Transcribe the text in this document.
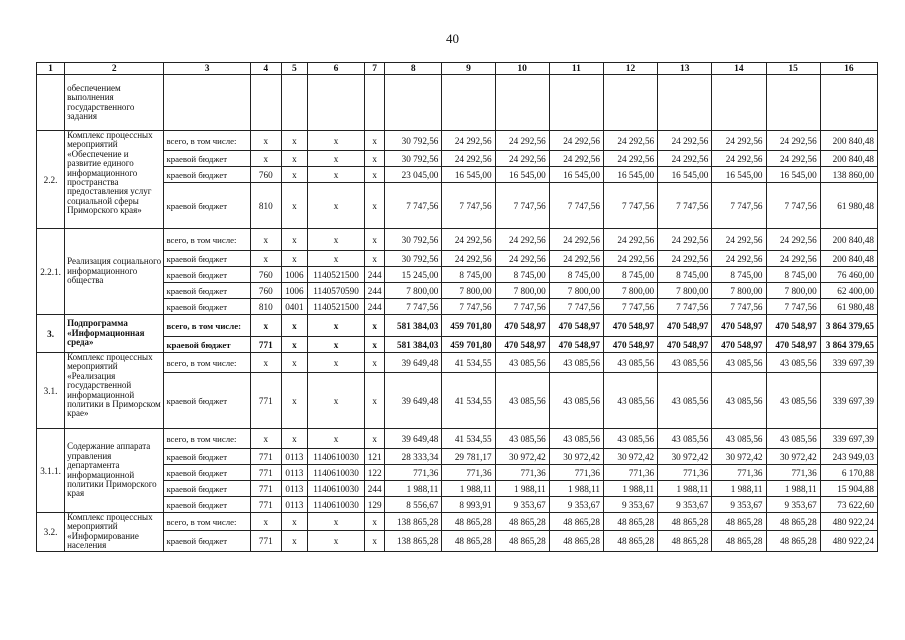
40
1	2	3	4	5	6	7	8	9	10	11	12	13	14	15	16
	обеспечением выполнения государственного задания														
2.2.	Комплекс процессных мероприятий «Обеспечение и развитие единого информационного пространства предоставления услуг социальной сферы Приморского края»	всего, в том числе:	x	x	x	x	30 792,56	24 292,56	24 292,56	24 292,56	24 292,56	24 292,56	24 292,56	24 292,56	200 840,48
		краевой бюджет	x	x	x	x	30 792,56	24 292,56	24 292,56	24 292,56	24 292,56	24 292,56	24 292,56	24 292,56	200 840,48
		краевой бюджет	760	x	x	x	23 045,00	16 545,00	16 545,00	16 545,00	16 545,00	16 545,00	16 545,00	16 545,00	138 860,00
		краевой бюджет	810	x	x	x	7 747,56	7 747,56	7 747,56	7 747,56	7 747,56	7 747,56	7 747,56	7 747,56	61 980,48
2.2.1.	Реализация социального информационного общества	всего, в том числе:	x	x	x	x	30 792,56	24 292,56	24 292,56	24 292,56	24 292,56	24 292,56	24 292,56	24 292,56	200 840,48
		краевой бюджет	x	x	x	x	30 792,56	24 292,56	24 292,56	24 292,56	24 292,56	24 292,56	24 292,56	24 292,56	200 840,48
		краевой бюджет	760	1006	1140521500	244	15 245,00	8 745,00	8 745,00	8 745,00	8 745,00	8 745,00	8 745,00	8 745,00	76 460,00
		краевой бюджет	760	1006	1140570590	244	7 800,00	7 800,00	7 800,00	7 800,00	7 800,00	7 800,00	7 800,00	7 800,00	62 400,00
		краевой бюджет	810	0401	1140521500	244	7 747,56	7 747,56	7 747,56	7 747,56	7 747,56	7 747,56	7 747,56	7 747,56	61 980,48
3.	Подпрограмма «Информационная среда»	всего, в том числе:	x	x	x	x	581 384,03	459 701,80	470 548,97	470 548,97	470 548,97	470 548,97	470 548,97	470 548,97	3 864 379,65
		краевой бюджет	771	x	x	x	581 384,03	459 701,80	470 548,97	470 548,97	470 548,97	470 548,97	470 548,97	470 548,97	3 864 379,65
3.1.	Комплекс процессных мероприятий «Реализация государственной информационной политики в Приморском крае»	всего, в том числе:	x	x	x	x	39 649,48	41 534,55	43 085,56	43 085,56	43 085,56	43 085,56	43 085,56	43 085,56	339 697,39
		краевой бюджет	771	x	x	x	39 649,48	41 534,55	43 085,56	43 085,56	43 085,56	43 085,56	43 085,56	43 085,56	339 697,39
3.1.1.	Содержание аппарата управления департамента информационной политики Приморского края	всего, в том числе:	x	x	x	x	39 649,48	41 534,55	43 085,56	43 085,56	43 085,56	43 085,56	43 085,56	43 085,56	339 697,39
		краевой бюджет	771	0113	1140610030	121	28 333,34	29 781,17	30 972,42	30 972,42	30 972,42	30 972,42	30 972,42	30 972,42	243 949,03
		краевой бюджет	771	0113	1140610030	122	771,36	771,36	771,36	771,36	771,36	771,36	771,36	771,36	6 170,88
		краевой бюджет	771	0113	1140610030	244	1 988,11	1 988,11	1 988,11	1 988,11	1 988,11	1 988,11	1 988,11	1 988,11	15 904,88
		краевой бюджет	771	0113	1140610030	129	8 556,67	8 993,91	9 353,67	9 353,67	9 353,67	9 353,67	9 353,67	9 353,67	73 622,60
3.2.	Комплекс процессных мероприятий «Информирование населения	всего, в том числе:	x	x	x	x	138 865,28	48 865,28	48 865,28	48 865,28	48 865,28	48 865,28	48 865,28	48 865,28	480 922,24
		краевой бюджет	771	x	x	x	138 865,28	48 865,28	48 865,28	48 865,28	48 865,28	48 865,28	48 865,28	48 865,28	480 922,24
